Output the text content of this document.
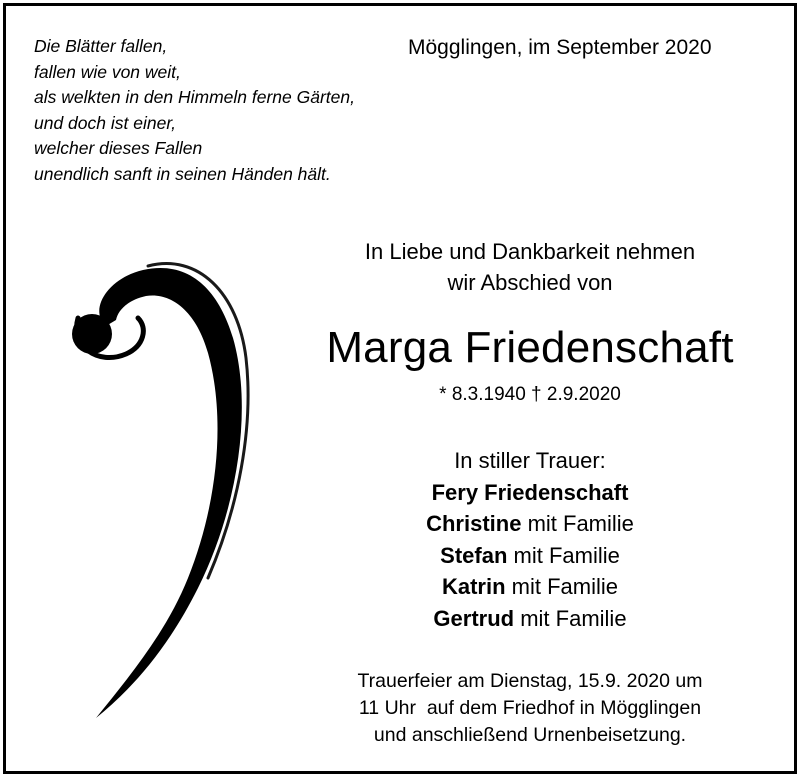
Die Blätter fallen,
fallen wie von weit,
als welkten in den Himmeln ferne Gärten,
und doch ist einer,
welcher dieses Fallen
unendlich sanft in seinen Händen hält.
Mögglingen, im September 2020
In Liebe und Dankbarkeit nehmen
wir Abschied von
Marga Friedenschaft
* 8.3.1940 † 2.9.2020
In stiller Trauer:
Fery Friedenschaft
Christine mit Familie
Stefan mit Familie
Katrin mit Familie
Gertrud mit Familie
Trauerfeier am Dienstag, 15.9. 2020 um
11 Uhr  auf dem Friedhof in Mögglingen
und anschließend Urnenbeisetzung.
